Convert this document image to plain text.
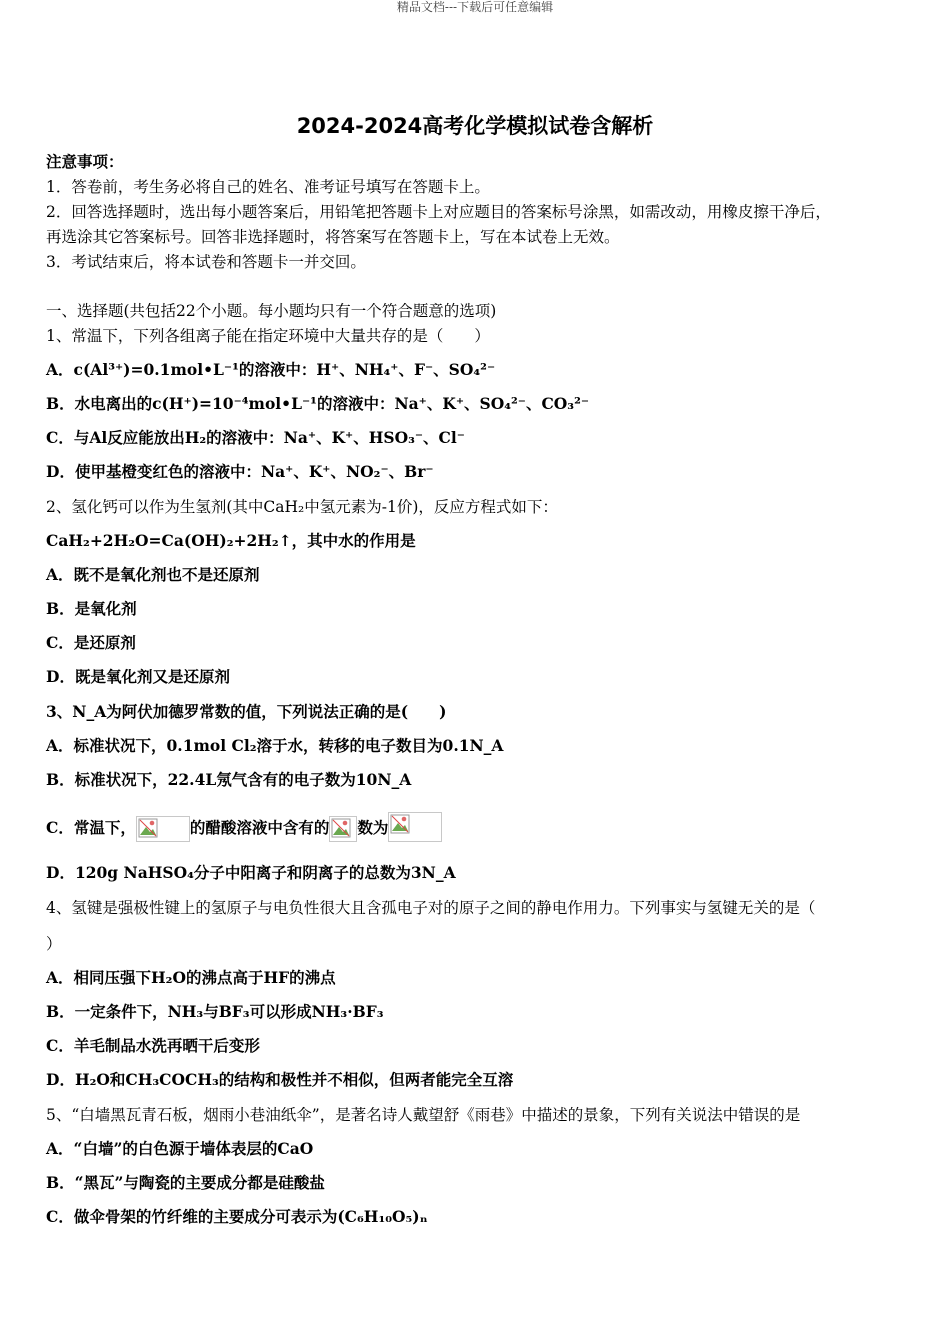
精品文档---下载后可任意编辑
2024-2024高考化学模拟试卷含解析
注意事项：
1．答卷前，考生务必将自己的姓名、准考证号填写在答题卡上。
2．回答选择题时，选出每小题答案后，用铅笔把答题卡上对应题目的答案标号涂黑，如需改动，用橡皮擦干净后，
再选涂其它答案标号。回答非选择题时，将答案写在答题卡上，写在本试卷上无效。
3．考试结束后，将本试卷和答题卡一并交回。
一、选择题(共包括22个小题。每小题均只有一个符合题意的选项)
1、常温下，下列各组离子能在指定环境中大量共存的是（　　）
A．c(Al³⁺)=0.1mol•L⁻¹的溶液中：H⁺、NH₄⁺、F⁻、SO₄²⁻
B．水电离出的c(H⁺)=10⁻⁴mol•L⁻¹的溶液中：Na⁺、K⁺、SO₄²⁻、CO₃²⁻
C．与Al反应能放出H₂的溶液中：Na⁺、K⁺、HSO₃⁻、Cl⁻
D．使甲基橙变红色的溶液中：Na⁺、K⁺、NO₂⁻、Br⁻
2、氢化钙可以作为生氢剂(其中CaH₂中氢元素为-1价)，反应方程式如下：
CaH₂+2H₂O=Ca(OH)₂+2H₂↑，其中水的作用是
A．既不是氧化剂也不是还原剂
B．是氧化剂
C．是还原剂
D．既是氧化剂又是还原剂
3、N_A为阿伏加德罗常数的值，下列说法正确的是(　　)
A．标准状况下，0.1mol Cl₂溶于水，转移的电子数目为0.1N_A
B．标准状况下，22.4L氖气含有的电子数为10N_A
C．常温下，	的醋酸溶液中含有的 数为
D．120g NaHSO₄分子中阳离子和阴离子的总数为3N_A
4、氢键是强极性键上的氢原子与电负性很大且含孤电子对的原子之间的静电作用力。下列事实与氢键无关的是（
）
A．相同压强下H₂O的沸点高于HF的沸点
B．一定条件下，NH₃与BF₃可以形成NH₃·BF₃
C．羊毛制品水洗再晒干后变形
D．H₂O和CH₃COCH₃的结构和极性并不相似，但两者能完全互溶
5、“白墙黑瓦青石板，烟雨小巷油纸伞”，是著名诗人戴望舒《雨巷》中描述的景象，下列有关说法中错误的是
A．“白墙”的白色源于墙体表层的CaO
B．“黑瓦”与陶瓷的主要成分都是硅酸盐
C．做伞骨架的竹纤维的主要成分可表示为(C₆H₁₀O₅)ₙ
